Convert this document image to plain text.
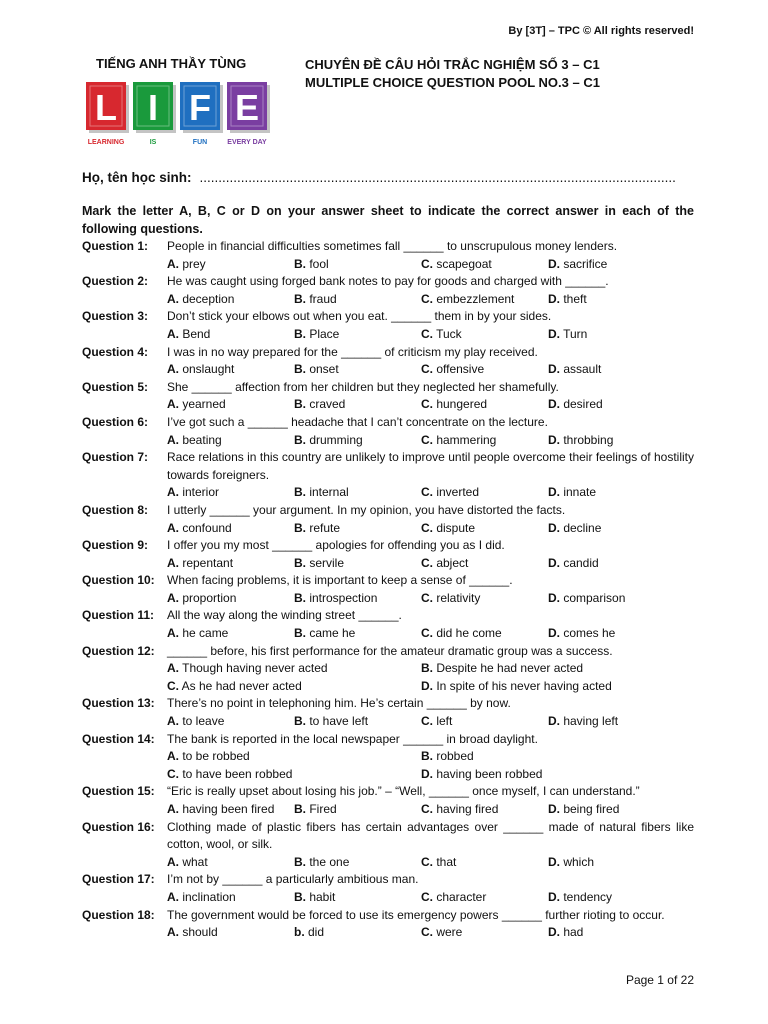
By [3T] – TPC © All rights reserved!
TIẾNG ANH THẦY TÙNG
L
LEARNING
I
IS
F
FUN
E
EVERY DAY
CHUYÊN ĐỀ CÂU HỎI TRẮC NGHIỆM SỐ 3 – C1
MULTIPLE CHOICE QUESTION POOL NO.3 – C1
Họ, tên học sinh: ...............................................................................................................................
Mark the letter A, B, C or D on your answer sheet to indicate the correct answer in each of the following questions.
Question 1:	People in financial difficulties sometimes fall ______ to unscrupulous money lenders.
A. prey	B. fool	C. scapegoat	D. sacrifice
Question 2:	He was caught using forged bank notes to pay for goods and charged with ______.
A. deception	B. fraud	C. embezzlement	D. theft
Question 3:	Don’t stick your elbows out when you eat. ______ them in by your sides.
A. Bend	B. Place	C. Tuck	D. Turn
Question 4:	I was in no way prepared for the ______ of criticism my play received.
A. onslaught	B. onset	C. offensive	D. assault
Question 5:	She ______ affection from her children but they neglected her shamefully.
A. yearned	B. craved	C. hungered	D. desired
Question 6:	I’ve got such a ______ headache that I can’t concentrate on the lecture.
A. beating	B. drumming	C. hammering	D. throbbing
Question 7:	Race relations in this country are unlikely to improve until people overcome their feelings of hostility towards foreigners.
A. interior	B. internal	C. inverted	D. innate
Question 8:	I utterly ______ your argument. In my opinion, you have distorted the facts.
A. confound	B. refute	C. dispute	D. decline
Question 9:	I offer you my most ______ apologies for offending you as I did.
A. repentant	B. servile	C. abject	D. candid
Question 10:	When facing problems, it is important to keep a sense of ______.
A. proportion	B. introspection	C. relativity	D. comparison
Question 11:	All the way along the winding street ______.
A. he came	B. came he	C. did he come	D. comes he
Question 12:	______ before, his first performance for the amateur dramatic group was a success.
A. Though having never acted	B. Despite he had never acted
C. As he had never acted	D. In spite of his never having acted
Question 13:	There’s no point in telephoning him. He’s certain ______ by now.
A. to leave	B. to have left	C. left	D. having left
Question 14:	The bank is reported in the local newspaper ______ in broad daylight.
A. to be robbed	B. robbed
C. to have been robbed	D. having been robbed
Question 15:	“Eric is really upset about losing his job.” – “Well, ______ once myself, I can understand.”
A. having been fired	B. Fired	C. having fired	D. being fired
Question 16:	Clothing made of plastic fibers has certain advantages over ______ made of natural fibers like cotton, wool, or silk.
A. what	B. the one	C. that	D. which
Question 17:	I’m not by ______ a particularly ambitious man.
A. inclination	B. habit	C. character	D. tendency
Question 18:	The government would be forced to use its emergency powers ______ further rioting to occur.
A. should	b. did	C. were	D. had
Page 1 of 22
